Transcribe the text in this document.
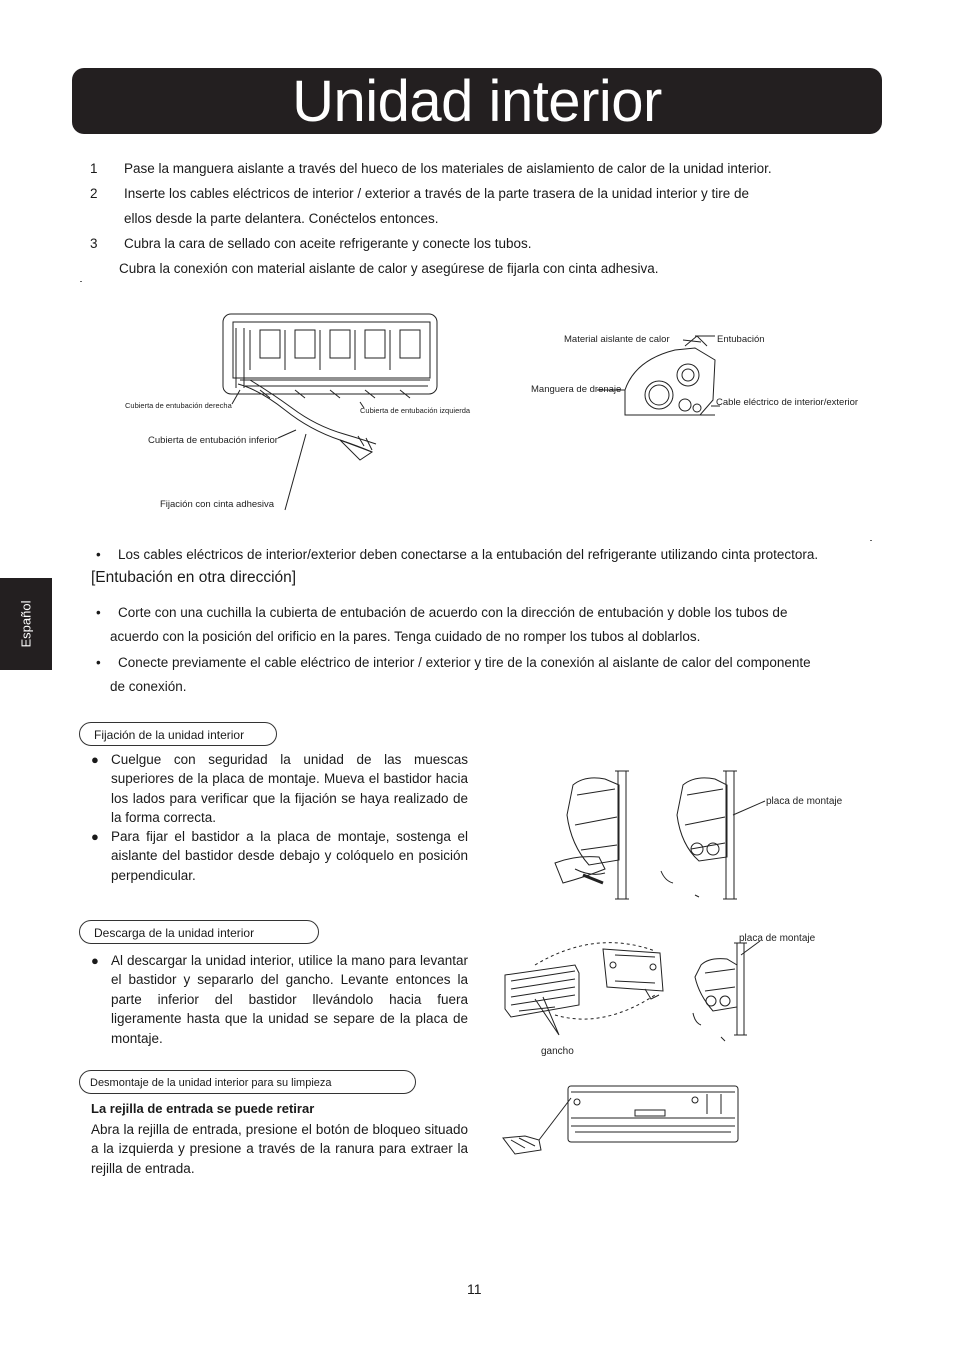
Unidad interior
Español
1	Pase la manguera aislante a través del hueco de los materiales de aislamiento de calor de la unidad interior.
2	Inserte los cables eléctricos de interior / exterior a través de la parte trasera de la unidad interior y tire de
ellos desde la parte delantera. Conéctelos entonces.
3	Cubra la cara de sellado con aceite refrigerante y conecte los tubos.
Cubra la conexión con material aislante de calor y asegúrese de fijarla con cinta adhesiva.
Cubierta de entubación derecha
Cubierta de entubación izquierda
Cubierta de entubación inferior
Fijación con cinta adhesiva
Material aislante de calor	Entubación
Manguera de drenaje
Cable eléctrico de interior/exterior
• Los cables eléctricos de interior/exterior deben conectarse a la entubación del refrigerante utilizando cinta protectora.
[Entubación en otra dirección]
• Corte con una cuchilla la cubierta de entubación de acuerdo con la dirección de entubación y doble los tubos de
acuerdo con la posición del orificio en la pares. Tenga cuidado de no romper los tubos al doblarlos.
• Conecte previamente el cable eléctrico de interior / exterior y tire de la conexión al aislante de calor del componente
de conexión.
Fijación de la unidad interior
● Cuelgue con seguridad la unidad de las muescas superiores de la placa de montaje. Mueva el bastidor hacia los lados para verificar que la fijación se haya realizado de la forma correcta.
● Para fijar el bastidor a la placa de montaje, sostenga el aislante del bastidor desde debajo y colóquelo en posición perpendicular.
placa de montaje
Descarga de la unidad interior
● Al descargar la unidad interior, utilice la mano para levantar el bastidor y separarlo del gancho. Levante entonces la parte inferior del bastidor llevándolo hacia fuera ligeramente hasta que la unidad se separe de la placa de montaje.
placa de montaje
gancho
Desmontaje de la unidad interior para su limpieza
La rejilla de entrada se puede retirar
Abra la rejilla de entrada, presione el botón de bloqueo situado a la izquierda y presione a través de la ranura para extraer la rejilla de entrada.
11
